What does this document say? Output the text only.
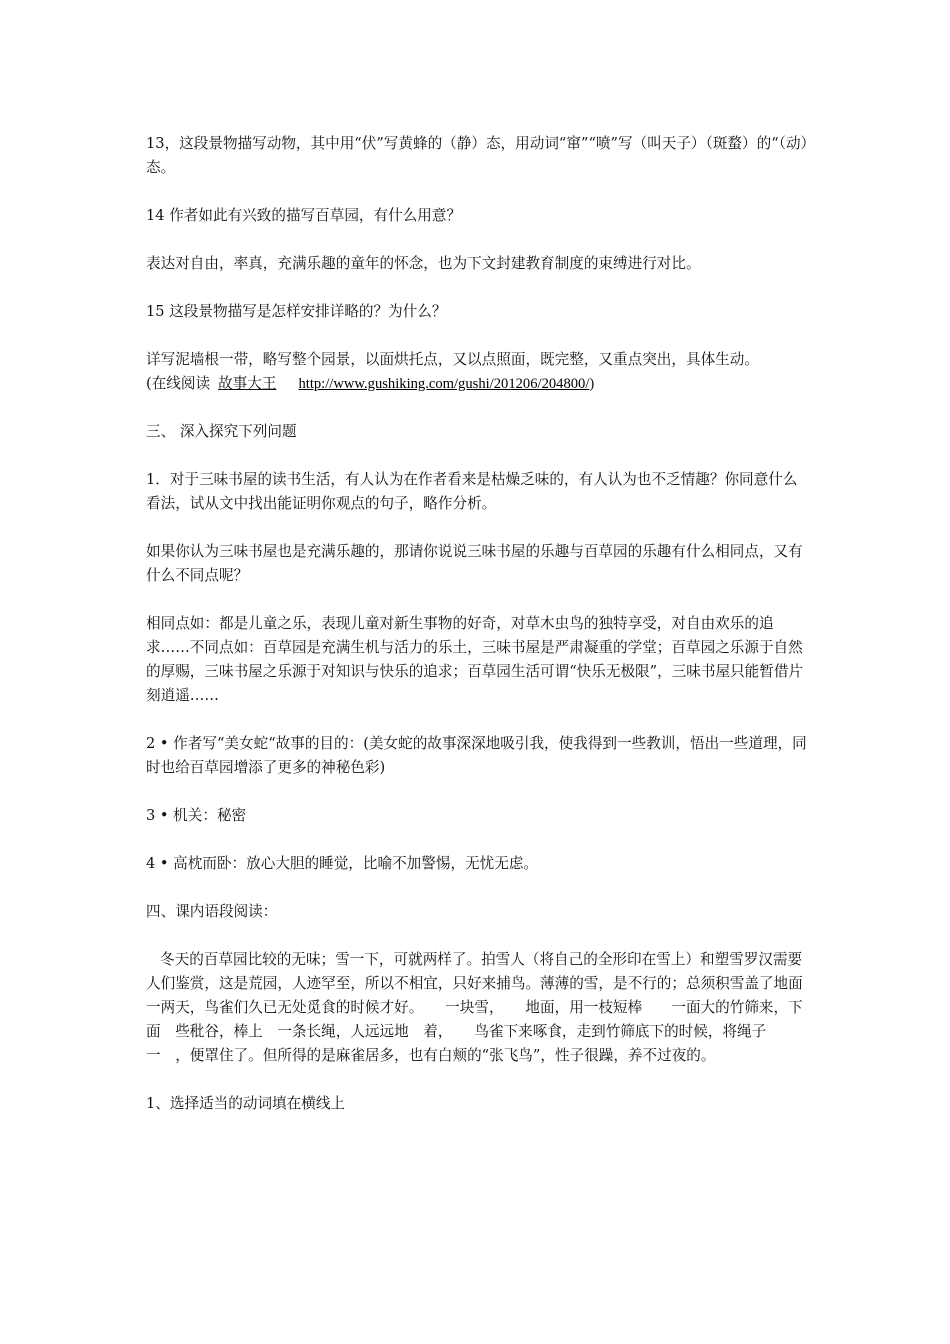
13，这段景物描写动物，其中用“伏”写黄蜂的（静）态，用动词“窜”“喷”写（叫天子）（斑蝥）的“（动）态。

14 作者如此有兴致的描写百草园，有什么用意？

表达对自由，率真，充满乐趣的童年的怀念，也为下文封建教育制度的束缚进行对比。

15 这段景物描写是怎样安排详略的？为什么？

详写泥墙根一带，略写整个园景，以面烘托点，又以点照面，既完整，又重点突出，具体生动。

(在线阅读 故事大王 http://www.gushiking.com/gushi/201206/204800/)

三、 深入探究下列问题

1．对于三味书屋的读书生活，有人认为在作者看来是枯燥乏味的，有人认为也不乏情趣？你同意什么看法，试从文中找出能证明你观点的句子，略作分析。

如果你认为三味书屋也是充满乐趣的，那请你说说三味书屋的乐趣与百草园的乐趣有什么相同点，又有什么不同点呢？

相同点如：都是儿童之乐，表现儿童对新生事物的好奇，对草木虫鸟的独特享受，对自由欢乐的追求……不同点如：百草园是充满生机与活力的乐土，三味书屋是严肃凝重的学堂；百草园之乐源于自然的厚赐，三味书屋之乐源于对知识与快乐的追求；百草园生活可谓“快乐无极限”，三味书屋只能暂借片刻逍遥……

2 • 作者写“美女蛇“故事的目的：(美女蛇的故事深深地吸引我，使我得到一些教训，悟出一些道理，同时也给百草园增添了更多的神秘色彩)

3 • 机关：秘密

4 • 高枕而卧：放心大胆的睡觉，比喻不加警惕，无忧无虑。

四、课内语段阅读：

冬天的百草园比较的无味；雪一下，可就两样了。拍雪人（将自己的全形印在雪上）和塑雪罗汉需要人们鉴赏，这是荒园，人迹罕至，所以不相宜，只好来捕鸟。薄薄的雪，是不行的；总须积雪盖了地面一两天，鸟雀们久已无处觅食的时候才好。　　一块雪，　　地面，用一枝短棒　　一面大的竹筛来，下面　些秕谷，棒上　一条长绳，人远远地　着，　　鸟雀下来啄食，走到竹筛底下的时候，将绳子一　，便罩住了。但所得的是麻雀居多，也有白颊的“张飞鸟”，性子很躁，养不过夜的。

1、选择适当的动词填在横线上
